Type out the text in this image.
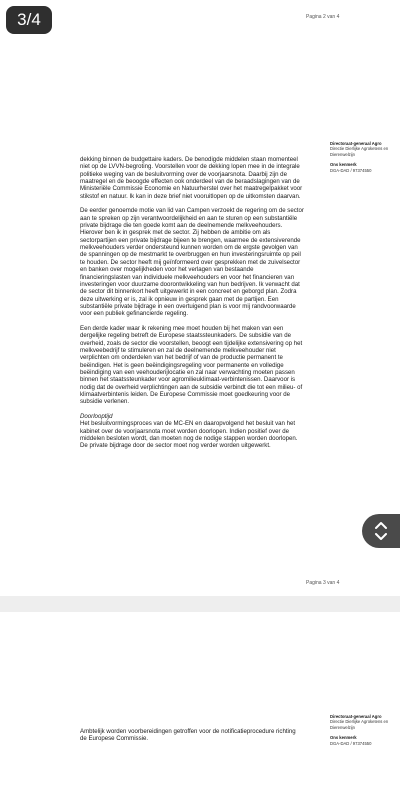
Pagina 2 van 4
Directoraat-generaal Agro
Directie Dierlijke Agroketens en
Dierenwelzijn
Ons kenmerk
DGA-DAD / 97374550

dekking binnen de budgettaire kaders. De benodigde middelen staan momenteel niet op de LVVN-begroting. Voorstellen voor de dekking lopen mee in de integrale politieke weging van de besluitvorming over de voorjaarsnota. Daarbij zijn de maatregel en de beoogde effecten ook onderdeel van de beraadslagingen van de Ministeriële Commissie Economie en Natuurherstel over het maatregelpakket voor stikstof en natuur. Ik kan in deze brief niet vooruitlopen op de uitkomsten daarvan.

De eerder genoemde motie van lid van Campen verzoekt de regering om de sector aan te spreken op zijn verantwoordelijkheid en aan te sturen op een substantiële private bijdrage die ten goede komt aan de deelnemende melkveehouders. Hierover ben ik in gesprek met de sector. Zij hebben de ambitie om als sectorpartijen een private bijdrage bijeen te brengen, waarmee de extensiverende melkveehouders verder ondersteund kunnen worden om de ergste gevolgen van de spanningen op de mestmarkt te overbruggen en hun investeringsruimte op peil te houden. De sector heeft mij geïnformeerd over gesprekken met de zuivelsector en banken over mogelijkheden voor het verlagen van bestaande financieringslasten van individuele melkveehouders en voor het financieren van investeringen voor duurzame doorontwikkeling van hun bedrijven. Ik verwacht dat de sector dit binnenkort heeft uitgewerkt in een concreet en geborgd plan. Zodra deze uitwerking er is, zal ik opnieuw in gesprek gaan met de partijen. Een substantiële private bijdrage in een overtuigend plan is voor mij randvoorwaarde voor een publiek gefinancierde regeling.

Een derde kader waar ik rekening mee moet houden bij het maken van een dergelijke regeling betreft de Europese staatssteunkaders. De subsidie van de overheid, zoals de sector die voorstellen, beoogt een tijdelijke extensivering op het melkveebedrijf te stimuleren en zal de deelnemende melkveehouder niet verplichten om onderdelen van het bedrijf of van de productie permanent te beëindigen. Het is geen beëindigingsregeling voor permanente en volledige beëindiging van een veehouderijlocatie en zal naar verwachting moeten passen binnen het staatssteunkader voor agromilieuklimaat-verbintenissen. Daarvoor is nodig dat de overheid verplichtingen aan de subsidie verbindt die tot een milieu- of klimaatverbintenis leiden. De Europese Commissie moet goedkeuring voor de subsidie verlenen.

Doorlooptijd

Het besluitvormingsproces van de MC-EN en daaropvolgend het besluit van het kabinet over de voorjaarsnota moet worden doorlopen. Indien positief over de middelen besloten wordt, dan moeten nog de nodige stappen worden doorlopen. De private bijdrage door de sector moet nog verder worden uitgewerkt.

3/4
Pagina 3 van 4
Directoraat-generaal Agro
Directie Dierlijke Agroketens en
Dierenwelzijn
Ons kenmerk
DGA-DAD / 97374550

Ambtelijk worden voorbereidingen getroffen voor de notificatieprocedure richting de Europese Commissie.
